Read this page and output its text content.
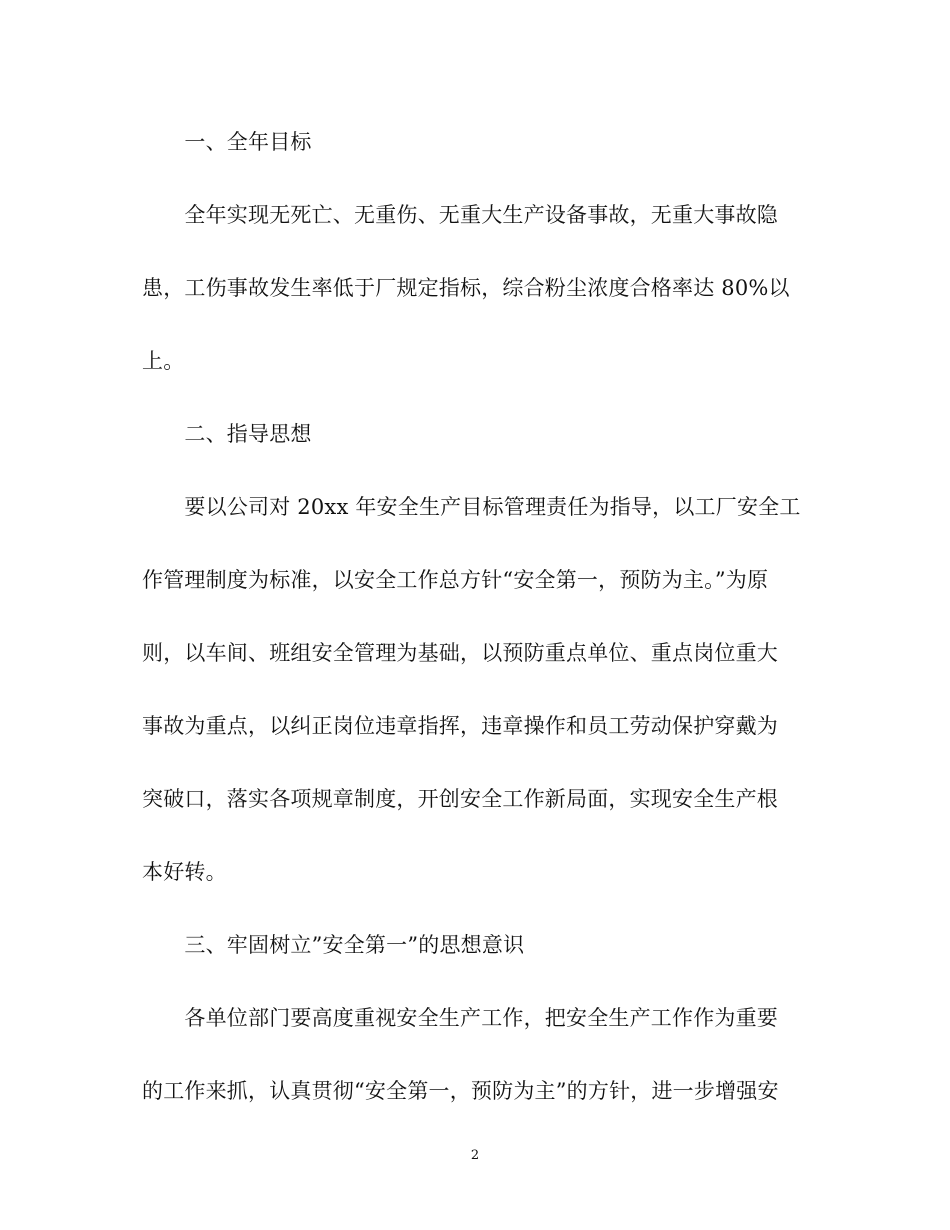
　　一、全年目标
　　全年实现无死亡、无重伤、无重大生产设备事故，无重大事故隐
患，工伤事故发生率低于厂规定指标，综合粉尘浓度合格率达 80%以
上。
　　二、指导思想
　　要以公司对 20xx 年安全生产目标管理责任为指导，以工厂安全工
作管理制度为标准，以安全工作总方针“安全第一，预防为主。”为原
则，以车间、班组安全管理为基础，以预防重点单位、重点岗位重大
事故为重点，以纠正岗位违章指挥，违章操作和员工劳动保护穿戴为
突破口，落实各项规章制度，开创安全工作新局面，实现安全生产根
本好转。
　　三、牢固树立”安全第一”的思想意识
　　各单位部门要高度重视安全生产工作，把安全生产工作作为重要
的工作来抓，认真贯彻“安全第一，预防为主”的方针，进一步增强安
2
